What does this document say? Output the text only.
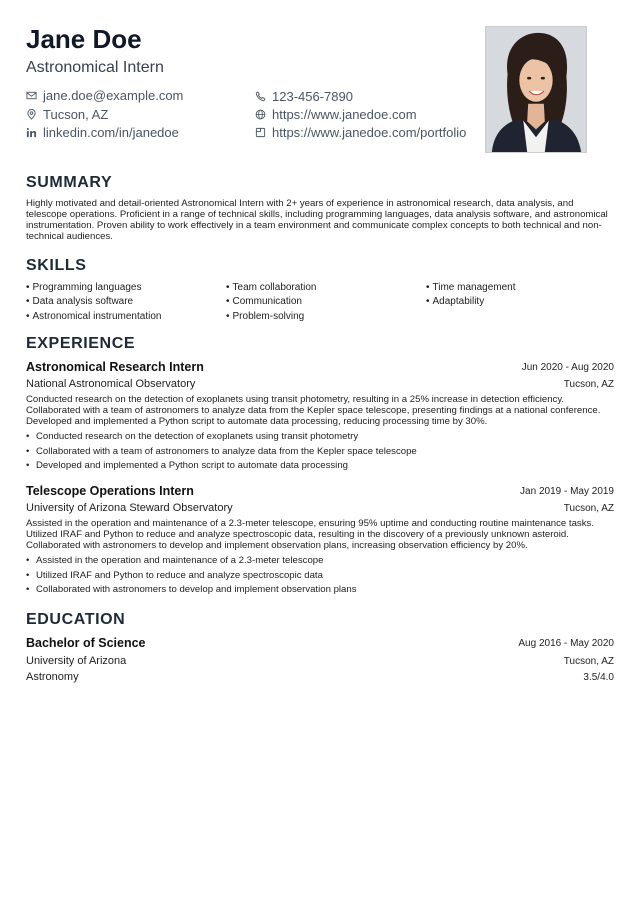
Jane Doe
Astronomical Intern
jane.doe@example.com
Tucson, AZ
linkedin.com/in/janedoe
123-456-7890
https://www.janedoe.com
https://www.janedoe.com/portfolio
SUMMARY
Highly motivated and detail-oriented Astronomical Intern with 2+ years of experience in astronomical research, data analysis, and telescope operations. Proficient in a range of technical skills, including programming languages, data analysis software, and astronomical instrumentation. Proven ability to work effectively in a team environment and communicate complex concepts to both technical and non-technical audiences.
SKILLS
• Programming languages
• Data analysis software
• Astronomical instrumentation
• Team collaboration
• Communication
• Problem-solving
• Time management
• Adaptability
EXPERIENCE
Astronomical Research Intern	Jun 2020 - Aug 2020
National Astronomical Observatory	Tucson, AZ
Conducted research on the detection of exoplanets using transit photometry, resulting in a 25% increase in detection efficiency. Collaborated with a team of astronomers to analyze data from the Kepler space telescope, presenting findings at a national conference. Developed and implemented a Python script to automate data processing, reducing processing time by 30%.
• Conducted research on the detection of exoplanets using transit photometry
• Collaborated with a team of astronomers to analyze data from the Kepler space telescope
• Developed and implemented a Python script to automate data processing
Telescope Operations Intern	Jan 2019 - May 2019
University of Arizona Steward Observatory	Tucson, AZ
Assisted in the operation and maintenance of a 2.3-meter telescope, ensuring 95% uptime and conducting routine maintenance tasks. Utilized IRAF and Python to reduce and analyze spectroscopic data, resulting in the discovery of a previously unknown asteroid. Collaborated with astronomers to develop and implement observation plans, increasing observation efficiency by 20%.
• Assisted in the operation and maintenance of a 2.3-meter telescope
• Utilized IRAF and Python to reduce and analyze spectroscopic data
• Collaborated with astronomers to develop and implement observation plans
EDUCATION
Bachelor of Science	Aug 2016 - May 2020
University of Arizona	Tucson, AZ
Astronomy	3.5/4.0
